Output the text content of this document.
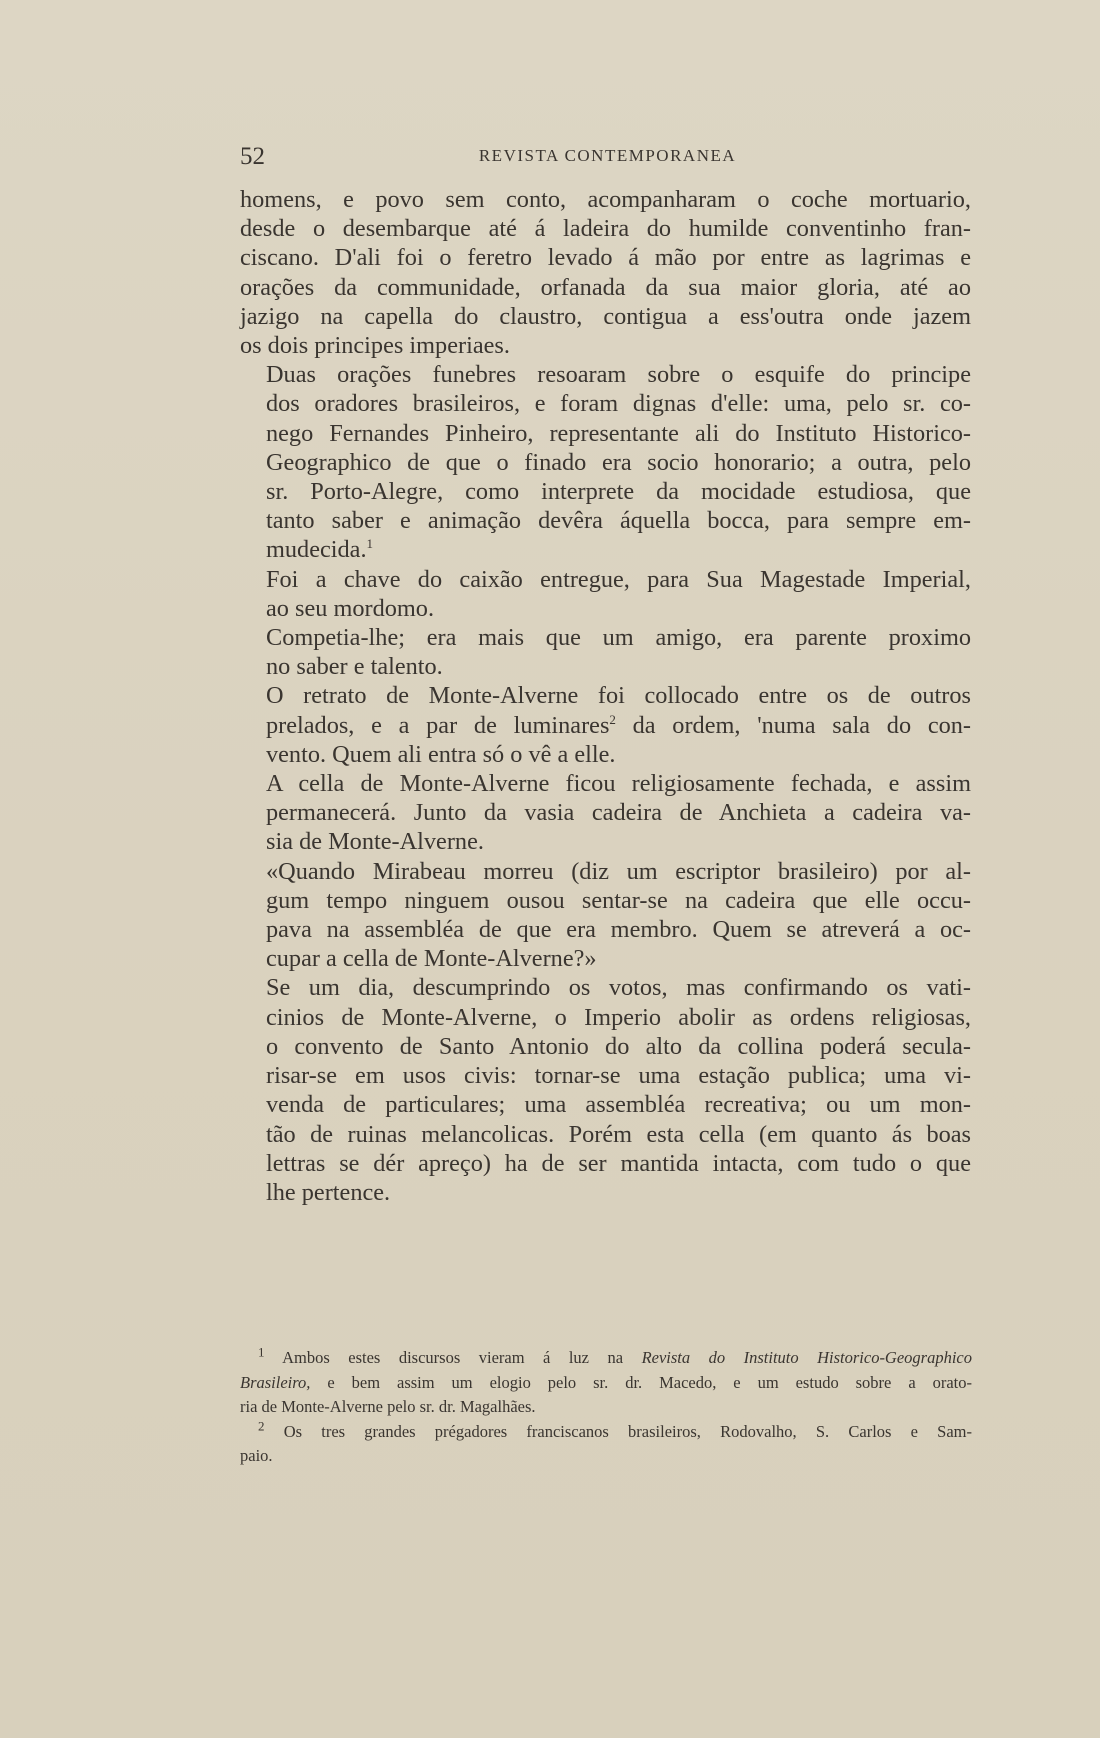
52	REVISTA CONTEMPORANEA

homens, e povo sem conto, acompanharam o coche mortuario,
desde o desembarque até á ladeira do humilde conventinho fran-
ciscano. D'ali foi o feretro levado á mão por entre as lagrimas e
orações da communidade, orfanada da sua maior gloria, até ao
jazigo na capella do claustro, contigua a ess'outra onde jazem
os dois principes imperiaes.

Duas orações funebres resoaram sobre o esquife do principe
dos oradores brasileiros, e foram dignas d'elle: uma, pelo sr. co-
nego Fernandes Pinheiro, representante ali do Instituto Historico-
Geographico de que o finado era socio honorario; a outra, pelo
sr. Porto-Alegre, como interprete da mocidade estudiosa, que
tanto saber e animação devêra áquella bocca, para sempre em-
mudecida.$^1$

Foi a chave do caixão entregue, para Sua Magestade Imperial,
ao seu mordomo.

Competia-lhe; era mais que um amigo, era parente proximo
no saber e talento.

O retrato de Monte-Alverne foi collocado entre os de outros
prelados, e a par de luminares$^2$ da ordem, 'numa sala do con-
vento. Quem ali entra só o vê a elle.

A cella de Monte-Alverne ficou religiosamente fechada, e assim
permanecerá. Junto da vasia cadeira de Anchieta a cadeira va-
sia de Monte-Alverne.

«Quando Mirabeau morreu (diz um escriptor brasileiro) por al-
gum tempo ninguem ousou sentar-se na cadeira que elle occu-
pava na assembléa de que era membro. Quem se atreverá a oc-
cupar a cella de Monte-Alverne?»

Se um dia, descumprindo os votos, mas confirmando os vati-
cinios de Monte-Alverne, o Imperio abolir as ordens religiosas,
o convento de Santo Antonio do alto da collina poderá secula-
risar-se em usos civis: tornar-se uma estação publica; uma vi-
venda de particulares; uma assembléa recreativa; ou um mon-
tão de ruinas melancolicas. Porém esta cella (em quanto ás boas
lettras se dér apreço) ha de ser mantida intacta, com tudo o que
lhe pertence.

$^1$ Ambos estes discursos vieram á luz na Revista do Instituto Historico-Geographico
Brasileiro, e bem assim um elogio pelo sr. dr. Macedo, e um estudo sobre a orato-
ria de Monte-Alverne pelo sr. dr. Magalhães.
$^2$ Os tres grandes prégadores franciscanos brasileiros, Rodovalho, S. Carlos e Sam-
paio.
